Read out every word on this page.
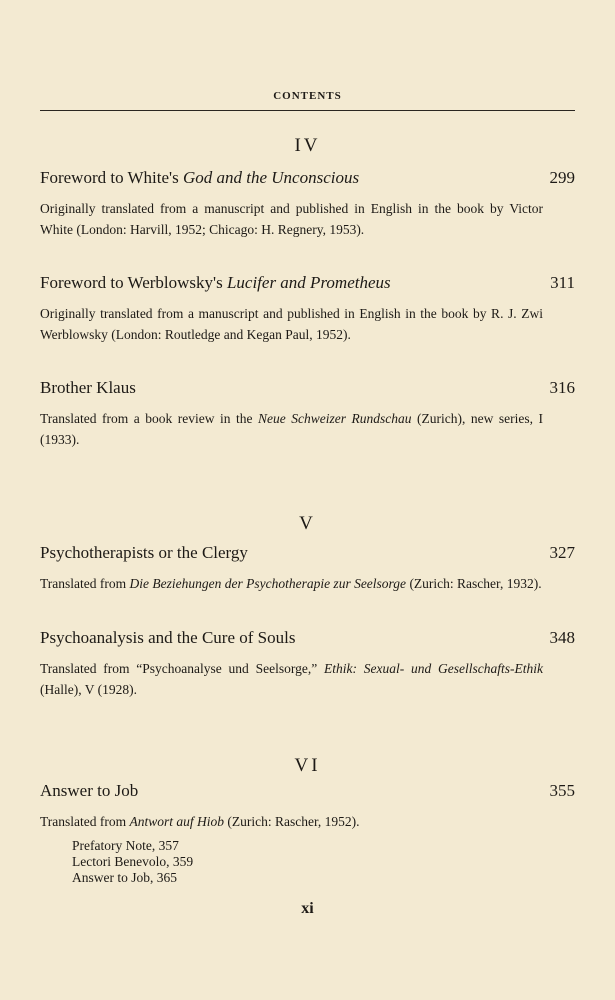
CONTENTS
IV
Foreword to White's God and the Unconscious	299
Originally translated from a manuscript and published in English in the book by Victor White (London: Harvill, 1952; Chicago: H. Regnery, 1953).
Foreword to Werblowsky's Lucifer and Prometheus	311
Originally translated from a manuscript and published in English in the book by R. J. Zwi Werblowsky (London: Routledge and Kegan Paul, 1952).
Brother Klaus	316
Translated from a book review in the Neue Schweizer Rundschau (Zurich), new series, I (1933).
V
Psychotherapists or the Clergy	327
Translated from Die Beziehungen der Psychotherapie zur Seelsorge (Zurich: Rascher, 1932).
Psychoanalysis and the Cure of Souls	348
Translated from “Psychoanalyse und Seelsorge,” Ethik: Sexual- und Gesellschafts-Ethik (Halle), V (1928).
VI
Answer to Job	355
Translated from Antwort auf Hiob (Zurich: Rascher, 1952).
Prefatory Note, 357
Lectori Benevolo, 359
Answer to Job, 365
xi
